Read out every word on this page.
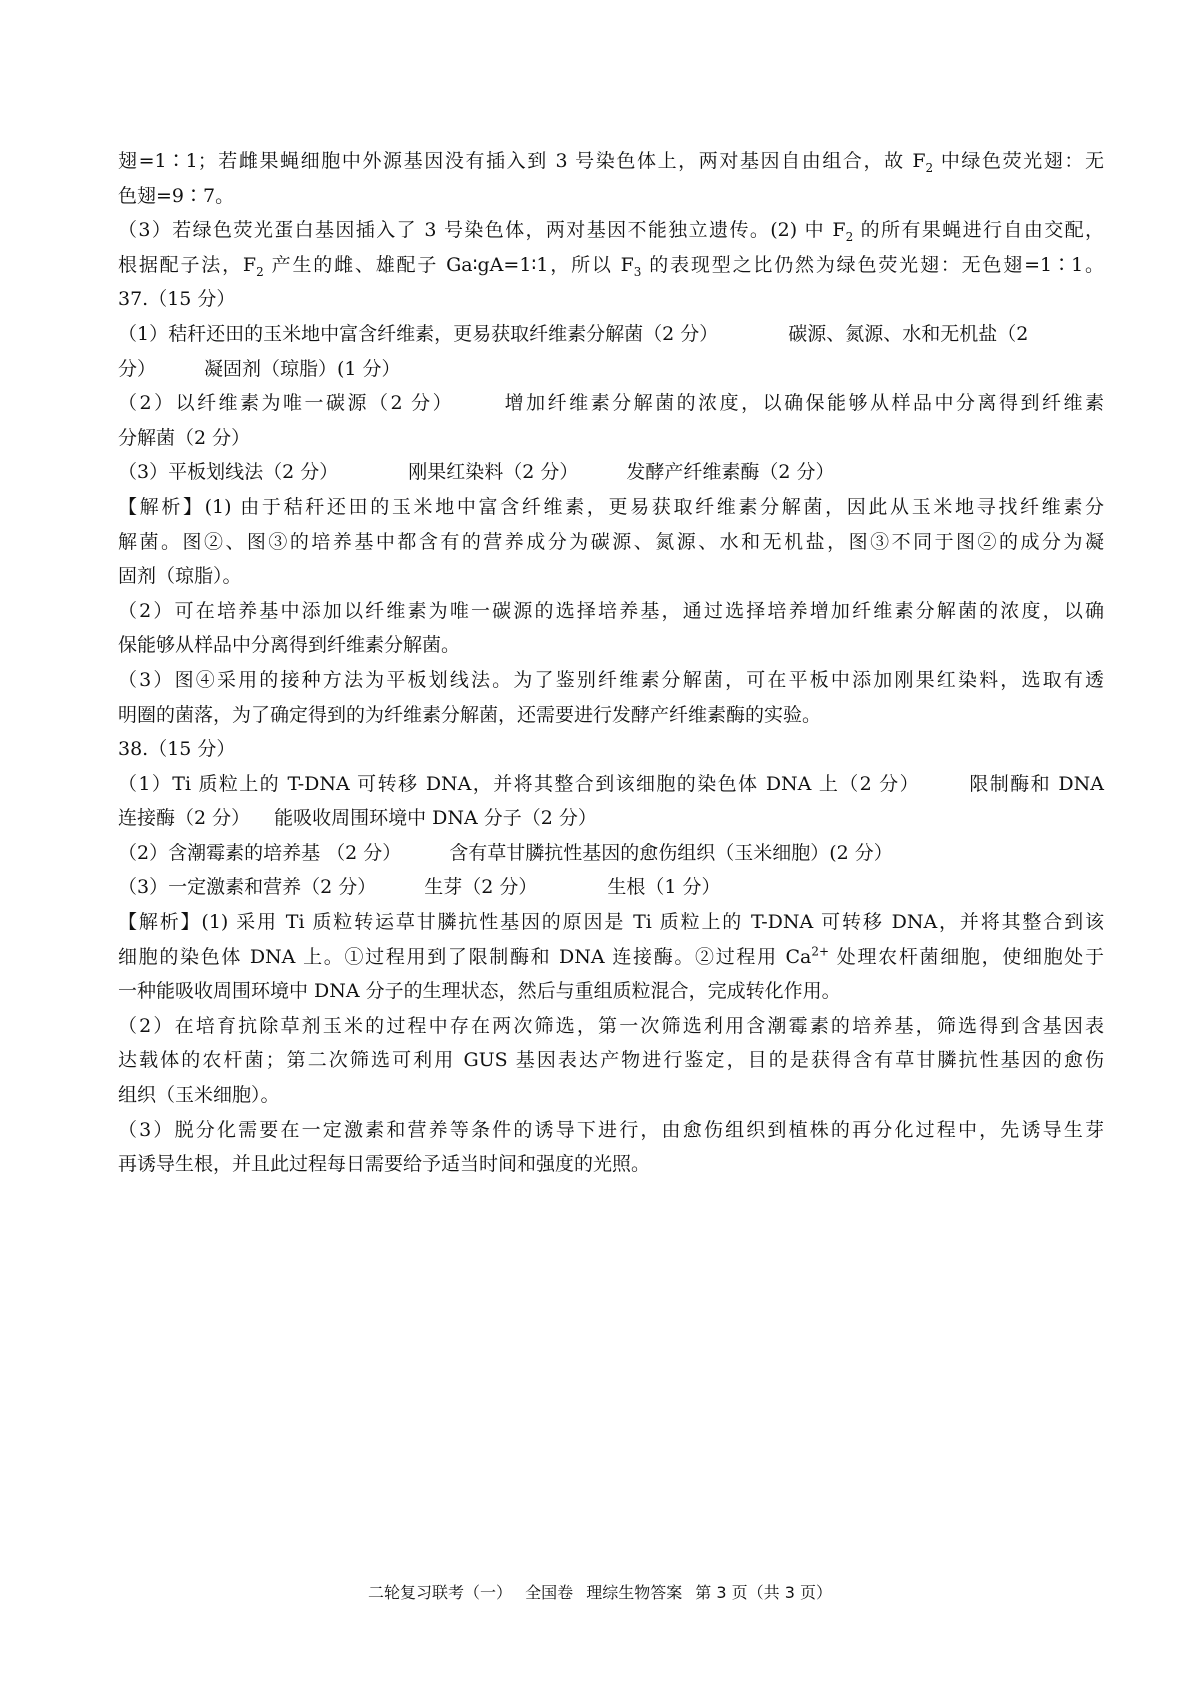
翅=1∶1；若雌果蝇细胞中外源基因没有插入到 3 号染色体上，两对基因自由组合，故 $F_2$ 中绿色荧光翅：无
色翅=9∶7。
（3）若绿色荧光蛋白基因插入了 3 号染色体，两对基因不能独立遗传。(2) 中 $F_2$ 的所有果蝇进行自由交配，
根据配子法，$F_2$ 产生的雌、雄配子 Ga∶gA=1∶1，所以 $F_3$ 的表现型之比仍然为绿色荧光翅：无色翅=1∶1。
37.（15 分）
（1）秸秆还田的玉米地中富含纤维素，更易获取纤维素分解菌（2 分）	碳源、氮源、水和无机盐（2
分）	凝固剂（琼脂）(1 分）
（2）以纤维素为唯一碳源（2 分）	增加纤维素分解菌的浓度，以确保能够从样品中分离得到纤维素
分解菌（2 分）
（3）平板划线法（2 分）	刚果红染料（2 分）	发酵产纤维素酶（2 分）
【解析】(1) 由于秸秆还田的玉米地中富含纤维素，更易获取纤维素分解菌，因此从玉米地寻找纤维素分
解菌。图②、图③的培养基中都含有的营养成分为碳源、氮源、水和无机盐，图③不同于图②的成分为凝
固剂（琼脂）。
（2）可在培养基中添加以纤维素为唯一碳源的选择培养基，通过选择培养增加纤维素分解菌的浓度，以确
保能够从样品中分离得到纤维素分解菌。
（3）图④采用的接种方法为平板划线法。为了鉴别纤维素分解菌，可在平板中添加刚果红染料，选取有透
明圈的菌落，为了确定得到的为纤维素分解菌，还需要进行发酵产纤维素酶的实验。
38.（15 分）
（1）Ti 质粒上的 T-DNA 可转移 DNA，并将其整合到该细胞的染色体 DNA 上（2 分）	限制酶和 DNA
连接酶（2 分） 能吸收周围环境中 DNA 分子（2 分）
（2）含潮霉素的培养基 （2 分）	含有草甘膦抗性基因的愈伤组织（玉米细胞）(2 分）
（3）一定激素和营养（2 分）	生芽（2 分）	生根（1 分）
【解析】(1) 采用 Ti 质粒转运草甘膦抗性基因的原因是 Ti 质粒上的 T-DNA 可转移 DNA，并将其整合到该
细胞的染色体 DNA 上。①过程用到了限制酶和 DNA 连接酶。②过程用 $Ca^{2+}$ 处理农杆菌细胞，使细胞处于
一种能吸收周围环境中 DNA 分子的生理状态，然后与重组质粒混合，完成转化作用。
（2）在培育抗除草剂玉米的过程中存在两次筛选，第一次筛选利用含潮霉素的培养基，筛选得到含基因表
达载体的农杆菌；第二次筛选可利用 GUS 基因表达产物进行鉴定，目的是获得含有草甘膦抗性基因的愈伤
组织（玉米细胞）。
（3）脱分化需要在一定激素和营养等条件的诱导下进行，由愈伤组织到植株的再分化过程中，先诱导生芽
再诱导生根，并且此过程每日需要给予适当时间和强度的光照。
二轮复习联考（一） 全国卷 理综生物答案 第 3 页（共 3 页）
